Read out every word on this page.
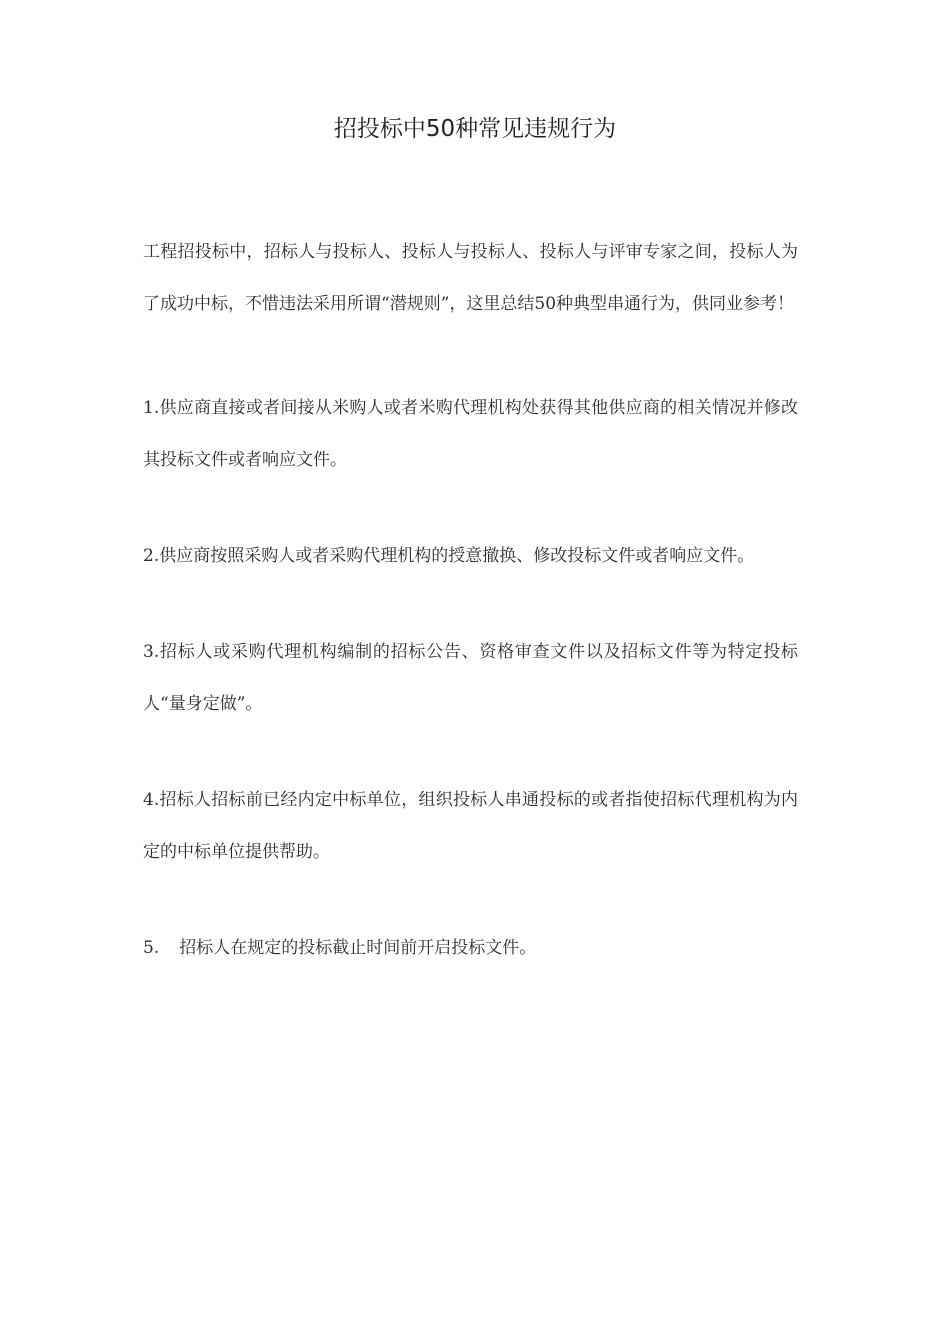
招投标中50种常见违规行为

工程招投标中，招标人与投标人、投标人与投标人、投标人与评审专家之间，投标人为了成功中标，不惜违法采用所谓“潜规则”，这里总结50种典型串通行为，供同业参考！

1.供应商直接或者间接从米购人或者米购代理机构处获得其他供应商的相关情况并修改其投标文件或者响应文件。

2.供应商按照采购人或者采购代理机构的授意撤换、修改投标文件或者响应文件。

3.招标人或采购代理机构编制的招标公告、资格审查文件以及招标文件等为特定投标人“量身定做”。

4.招标人招标前已经内定中标单位，组织投标人串通投标的或者指使招标代理机构为内定的中标单位提供帮助。

5. 招标人在规定的投标截止时间前开启投标文件。
